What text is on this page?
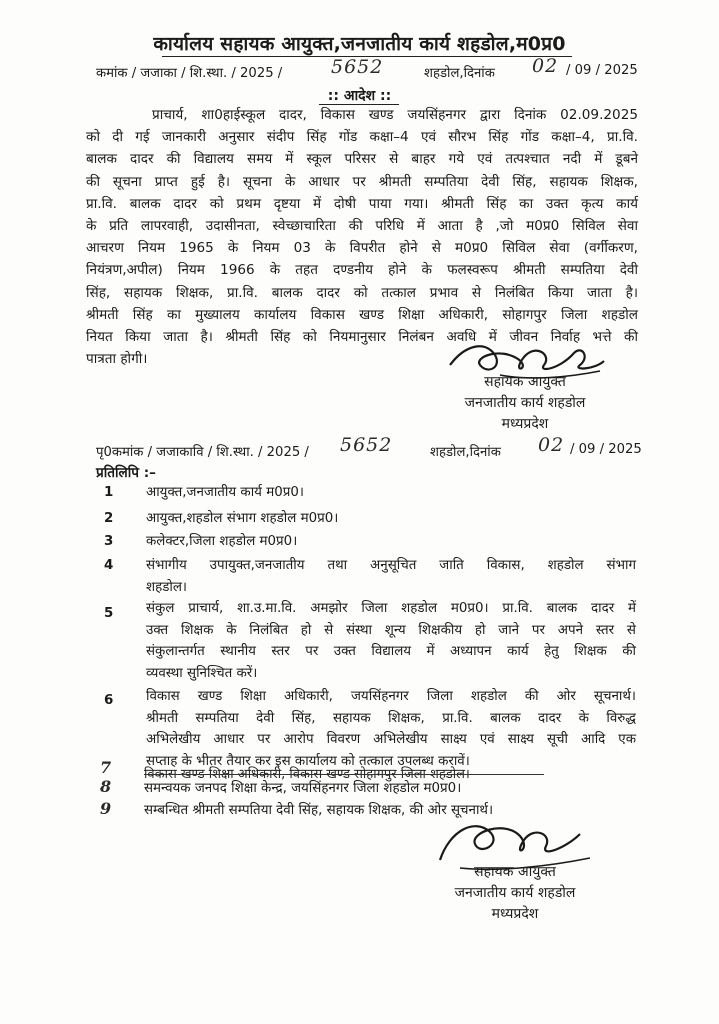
कार्यालय सहायक आयुक्त,जनजातीय कार्य शहडोल,म0प्र0
कमांक / जजाका / शि.स्था. / 2025 /	5652	शहडोल,दिनांक 02 / 09 / 2025
:: आदेश ::
प्राचार्य, शा0हाईस्कूल दादर, विकास खण्ड जयसिंहनगर द्वारा दिनांक 02.09.2025
को दी गई जानकारी अनुसार संदीप सिंह गोंड कक्षा–4 एवं सौरभ सिंह गोंड कक्षा–4, प्रा.वि.
बालक दादर की विद्यालय समय में स्कूल परिसर से बाहर गये एवं तत्पश्चात नदी में डूबने
की सूचना प्राप्त हुई है। सूचना के आधार पर श्रीमती सम्पतिया देवी सिंह, सहायक शिक्षक,
प्रा.वि. बालक दादर को प्रथम दृष्टया में दोषी पाया गया। श्रीमती सिंह का उक्त कृत्य कार्य
के प्रति लापरवाही, उदासीनता, स्वेच्छाचारिता की परिधि में आता है ,जो म0प्र0 सिविल सेवा
आचरण नियम 1965 के नियम 03 के विपरीत होने से म0प्र0 सिविल सेवा (वर्गीकरण,
नियंत्रण,अपील) नियम 1966 के तहत दण्डनीय होने के फलस्वरूप श्रीमती सम्पतिया देवी
सिंह, सहायक शिक्षक, प्रा.वि. बालक दादर को तत्काल प्रभाव से निलंबित किया जाता है।
श्रीमती सिंह का मुख्यालय कार्यालय विकास खण्ड शिक्षा अधिकारी, सोहागपुर जिला शहडोल
नियत किया जाता है। श्रीमती सिंह को नियमानुसार निलंबन अवधि में जीवन निर्वाह भत्ते की
पात्रता होगी।
सहायक आयुक्त
जनजातीय कार्य शहडोल
मध्यप्रदेश
पृ0कमांक / जजाकावि / शि.स्था. / 2025 / 5652	शहडोल,दिनांक 02 / 09 / 2025
प्रतिलिपि :–
1 आयुक्त,जनजातीय कार्य म0प्र0।
2 आयुक्त,शहडोल संभाग शहडोल म0प्र0।
3 कलेक्टर,जिला शहडोल म0प्र0।
4 संभागीय उपायुक्त,जनजातीय तथा अनुसूचित जाति विकास, शहडोल संभाग
शहडोल।
5 संकुल प्राचार्य, शा.उ.मा.वि. अमझोर जिला शहडोल म0प्र0। प्रा.वि. बालक दादर में
उक्त शिक्षक के निलंबित हो से संस्था शून्य शिक्षकीय हो जाने पर अपने स्तर से
संकुलान्तर्गत स्थानीय स्तर पर उक्त विद्यालय में अध्यापन कार्य हेतु शिक्षक की
व्यवस्था सुनिश्चित करें।
6 विकास खण्ड शिक्षा अधिकारी, जयसिंहनगर जिला शहडोल की ओर सूचनार्थ।
श्रीमती सम्पतिया देवी सिंह, सहायक शिक्षक, प्रा.वि. बालक दादर के विरुद्ध
अभिलेखीय आधार पर आरोप विवरण अभिलेखीय साक्ष्य एवं साक्ष्य सूची आदि एक
सप्ताह के भीतर तैयार कर इस कार्यालय को तत्काल उपलब्ध करावें।
7 विकास खण्ड शिक्षा अधिकारी, विकास खण्ड सोहागपुर जिला शहडोल।
8 समन्वयक जनपद शिक्षा केन्द्र, जयसिंहनगर जिला शहडोल म0प्र0।
9 सम्बन्धित श्रीमती सम्पतिया देवी सिंह, सहायक शिक्षक, की ओर सूचनार्थ।
सहायक आयुक्त
जनजातीय कार्य शहडोल
मध्यप्रदेश
